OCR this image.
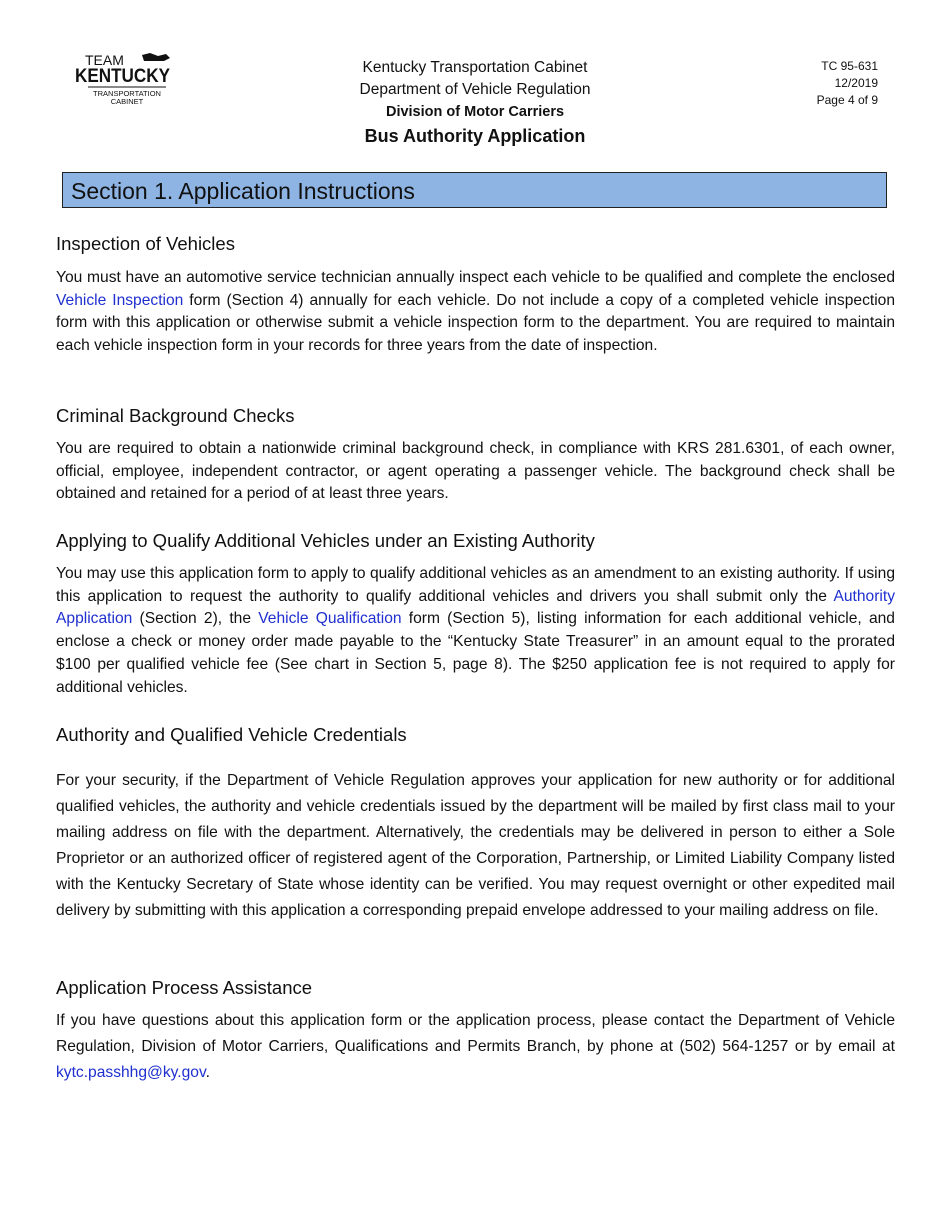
TEAM
KENTUCKY
TRANSPORTATION
CABINET
Kentucky Transportation Cabinet
Department of Vehicle Regulation
Division of Motor Carriers
Bus Authority Application
TC 95-631
12/2019
Page 4 of 9
Section 1. Application Instructions
Inspection of Vehicles

You must have an automotive service technician annually inspect each vehicle to be qualified and complete the enclosed Vehicle Inspection form (Section 4) annually for each vehicle. Do not include a copy of a completed vehicle inspection form with this application or otherwise submit a vehicle inspection form to the department. You are required to maintain each vehicle inspection form in your records for three years from the date of inspection.

Criminal Background Checks

You are required to obtain a nationwide criminal background check, in compliance with KRS 281.6301, of each owner, official, employee, independent contractor, or agent operating a passenger vehicle. The background check shall be obtained and retained for a period of at least three years.

Applying to Qualify Additional Vehicles under an Existing Authority

You may use this application form to apply to qualify additional vehicles as an amendment to an existing authority. If using this application to request the authority to qualify additional vehicles and drivers you shall submit only the Authority Application (Section 2), the Vehicle Qualification form (Section 5), listing information for each additional vehicle, and enclose a check or money order made payable to the “Kentucky State Treasurer” in an amount equal to the prorated $100 per qualified vehicle fee (See chart in Section 5, page 8). The $250 application fee is not required to apply for additional vehicles.

Authority and Qualified Vehicle Credentials

For your security, if the Department of Vehicle Regulation approves your application for new authority or for additional qualified vehicles, the authority and vehicle credentials issued by the department will be mailed by first class mail to your mailing address on file with the department. Alternatively, the credentials may be delivered in person to either a Sole Proprietor or an authorized officer of registered agent of the Corporation, Partnership, or Limited Liability Company listed with the Kentucky Secretary of State whose identity can be verified. You may request overnight or other expedited mail delivery by submitting with this application a corresponding prepaid envelope addressed to your mailing address on file.

Application Process Assistance

If you have questions about this application form or the application process, please contact the Department of Vehicle Regulation, Division of Motor Carriers, Qualifications and Permits Branch, by phone at (502) 564-1257 or by email at kytc.passhhg@ky.gov.
